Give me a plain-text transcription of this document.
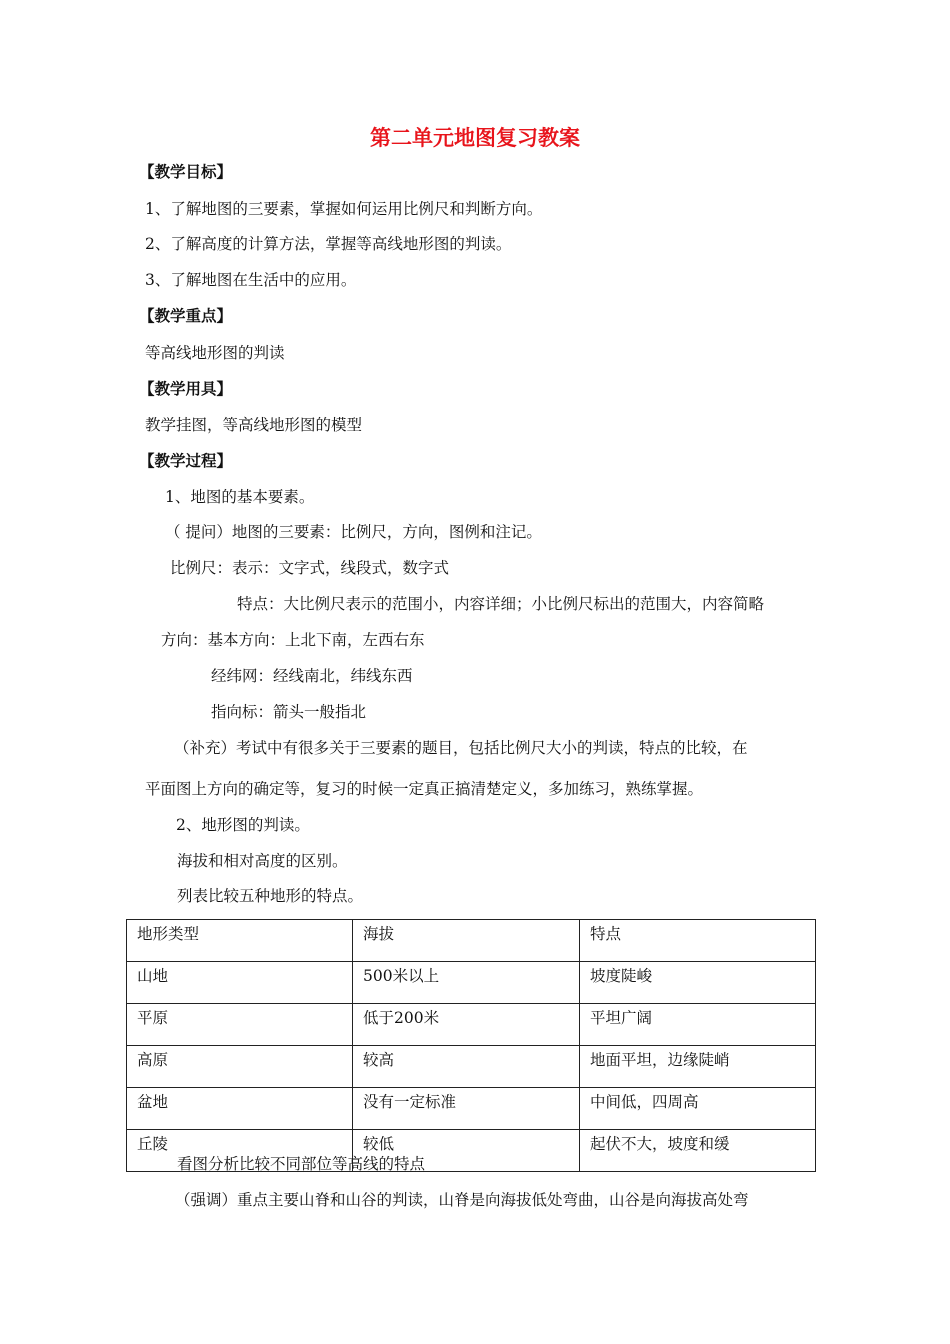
第二单元地图复习教案
【教学目标】
1、了解地图的三要素，掌握如何运用比例尺和判断方向。
2、了解高度的计算方法，掌握等高线地形图的判读。
3、了解地图在生活中的应用。
【教学重点】
等高线地形图的判读
【教学用具】
教学挂图，等高线地形图的模型
【教学过程】
1、地图的基本要素。
（ 提问）地图的三要素：比例尺，方向，图例和注记。
比例尺：表示：文字式，线段式，数字式
特点：大比例尺表示的范围小，内容详细；小比例尺标出的范围大，内容简略
方向：基本方向：上北下南，左西右东
经纬网：经线南北，纬线东西
指向标：箭头一般指北
（补充）考试中有很多关于三要素的题目，包括比例尺大小的判读，特点的比较，在
平面图上方向的确定等，复习的时候一定真正搞清楚定义，多加练习，熟练掌握。
2、地形图的判读。
海拔和相对高度的区别。
列表比较五种地形的特点。
地形类型	海拔	特点
山地	500米以上	坡度陡峻
平原	低于200米	平坦广阔
高原	较高	地面平坦，边缘陡峭
盆地	没有一定标准	中间低，四周高
丘陵	较低	起伏不大，坡度和缓
看图分析比较不同部位等高线的特点
（强调）重点主要山脊和山谷的判读，山脊是向海拔低处弯曲，山谷是向海拔高处弯
